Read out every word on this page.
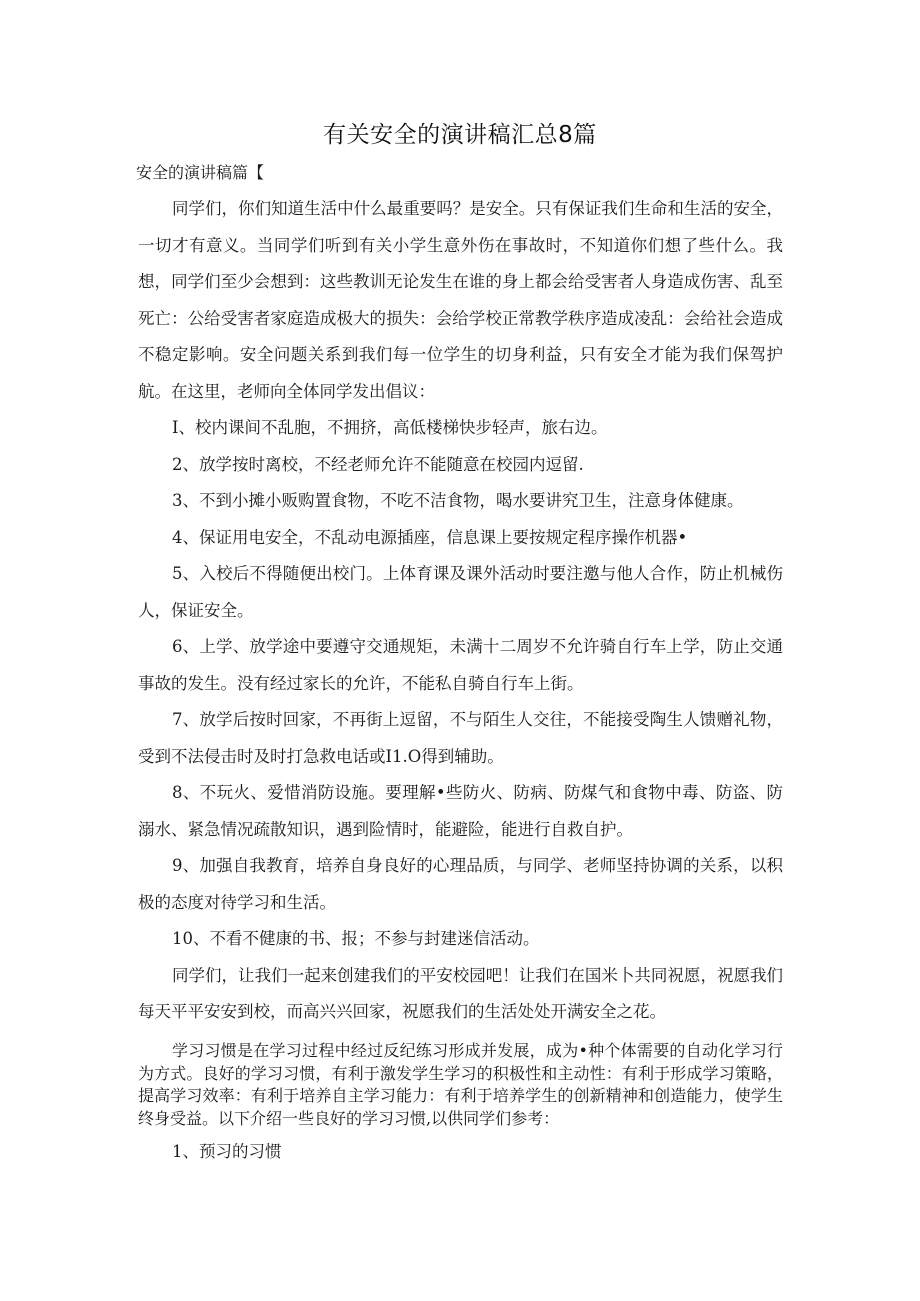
有关安全的演讲稿汇总8篇
安全的演讲稿篇【

同学们，你们知道生活中什么最重要吗？是安全。只有保证我们生命和生活的安全，一切才有意义。当同学们听到有关小学生意外伤在事故时，不知道你们想了些什么。我想，同学们至少会想到：这些教训无论发生在谁的身上都会给受害者人身造成伤害、乱至死亡：公给受害者家庭造成极大的损失：会给学校正常教学秩序造成凌乱：会给社会造成不稳定影响。安全问题关系到我们每一位学生的切身利益，只有安全才能为我们保驾护航。在这里，老师向全体同学发出倡议：

I、校内课间不乱胞，不拥挤，高低楼梯快步轻声，旅右边。

2、放学按时离校，不经老师允许不能随意在校园内逗留.

3、不到小摊小贩购置食物，不吃不洁食物，喝水要讲究卫生，注意身体健康。

4、保证用电安全，不乱动电源插座，信息课上要按规定程序操作机器•

5、入校后不得随便出校门。上体育课及课外活动时要注邀与他人合作，防止机械伤人，保证安全。

6、上学、放学途中要遵守交通规矩，未满十二周岁不允许骑自行车上学，防止交通事故的发生。没有经过家长的允许，不能私自骑自行车上街。

7、放学后按时回家，不再街上逗留，不与陌生人交往，不能接受陶生人馈赠礼物，受到不法侵击时及时打急救电话或I1.O得到辅助。

8、不玩火、爱惜消防设施。要理解•些防火、防病、防煤气和食物中毒、防盗、防溺水、紧急情况疏散知识，遇到险情时，能避险，能进行自救自护。

9、加强自我教育，培养自身良好的心理品质，与同学、老师坚持协调的关系，以积极的态度对待学习和生活。

10、不看不健康的书、报；不参与封建迷信活动。

同学们，让我们一起来创建我们的平安校园吧！让我们在国米卜共同祝愿，祝愿我们每天平平安安到校，而高兴兴回家，祝愿我们的生活处处开满安全之花。

学习习惯是在学习过程中经过反纪练习形成并发展，成为•种个体需要的自动化学习行为方式。良好的学习习惯，有利于激发学生学习的积极性和主动性：有利于形成学习策略，提高学习效率：有利于培养自主学习能力：有利于培养学生的创新精神和创造能力，使学生终身受益。以下介绍一些良好的学习习惯,以供同学们参考：

1、预习的习惯
